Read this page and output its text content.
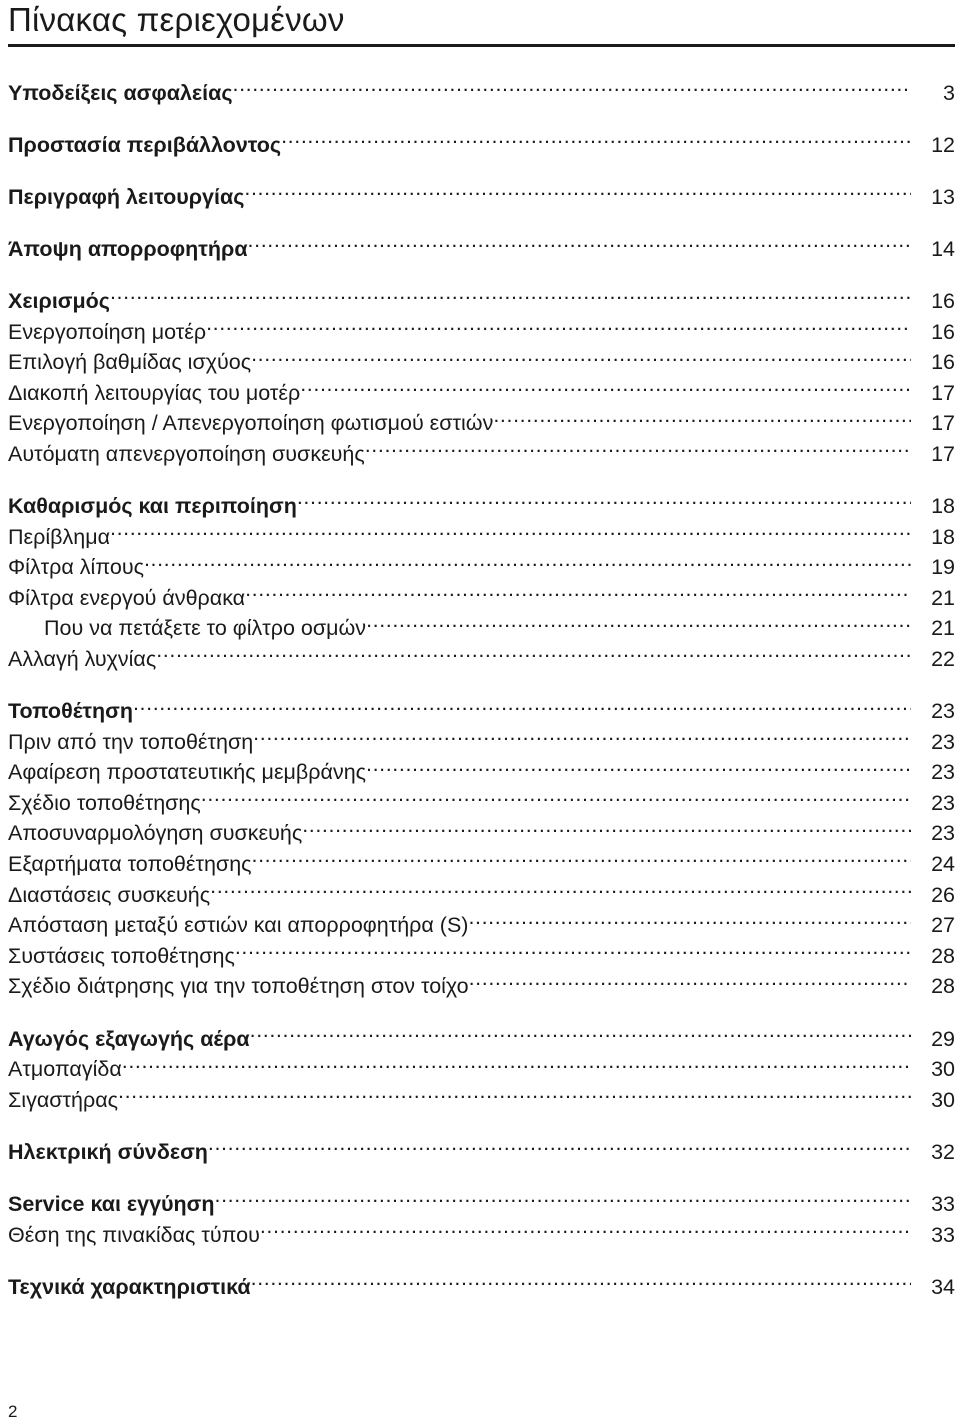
Πίνακας περιεχομένων
Υποδείξεις ασφαλείας .....	3
Προστασία περιβάλλοντος .....	12
Περιγραφή λειτουργίας .....	13
Άποψη απορροφητήρα .....	14
Χειρισμός .....	16
Ενεργοποίηση μοτέρ .....	16
Επιλογή βαθμίδας ισχύος .....	16
Διακοπή λειτουργίας του μοτέρ .....	17
Ενεργοποίηση / Απενεργοποίηση φωτισμού εστιών .....	17
Αυτόματη απενεργοποίηση συσκευής .....	17
Καθαρισμός και περιποίηση .....	18
Περίβλημα .....	18
Φίλτρα λίπους .....	19
Φίλτρα ενεργού άνθρακα .....	21
Που να πετάξετε το φίλτρο οσμών .....	21
Αλλαγή λυχνίας .....	22
Τοποθέτηση .....	23
Πριν από την τοποθέτηση .....	23
Αφαίρεση προστατευτικής μεμβράνης .....	23
Σχέδιο τοποθέτησης .....	23
Αποσυναρμολόγηση συσκευής .....	23
Εξαρτήματα τοποθέτησης .....	24
Διαστάσεις συσκευής .....	26
Απόσταση μεταξύ εστιών και απορροφητήρα (S) .....	27
Συστάσεις τοποθέτησης .....	28
Σχέδιο διάτρησης για την τοποθέτηση στον τοίχο .....	28
Αγωγός εξαγωγής αέρα .....	29
Ατμοπαγίδα .....	30
Σιγαστήρας .....	30
Ηλεκτρική σύνδεση .....	32
Service και εγγύηση .....	33
Θέση της πινακίδας τύπου .....	33
Τεχνικά χαρακτηριστικά .....	34
2
